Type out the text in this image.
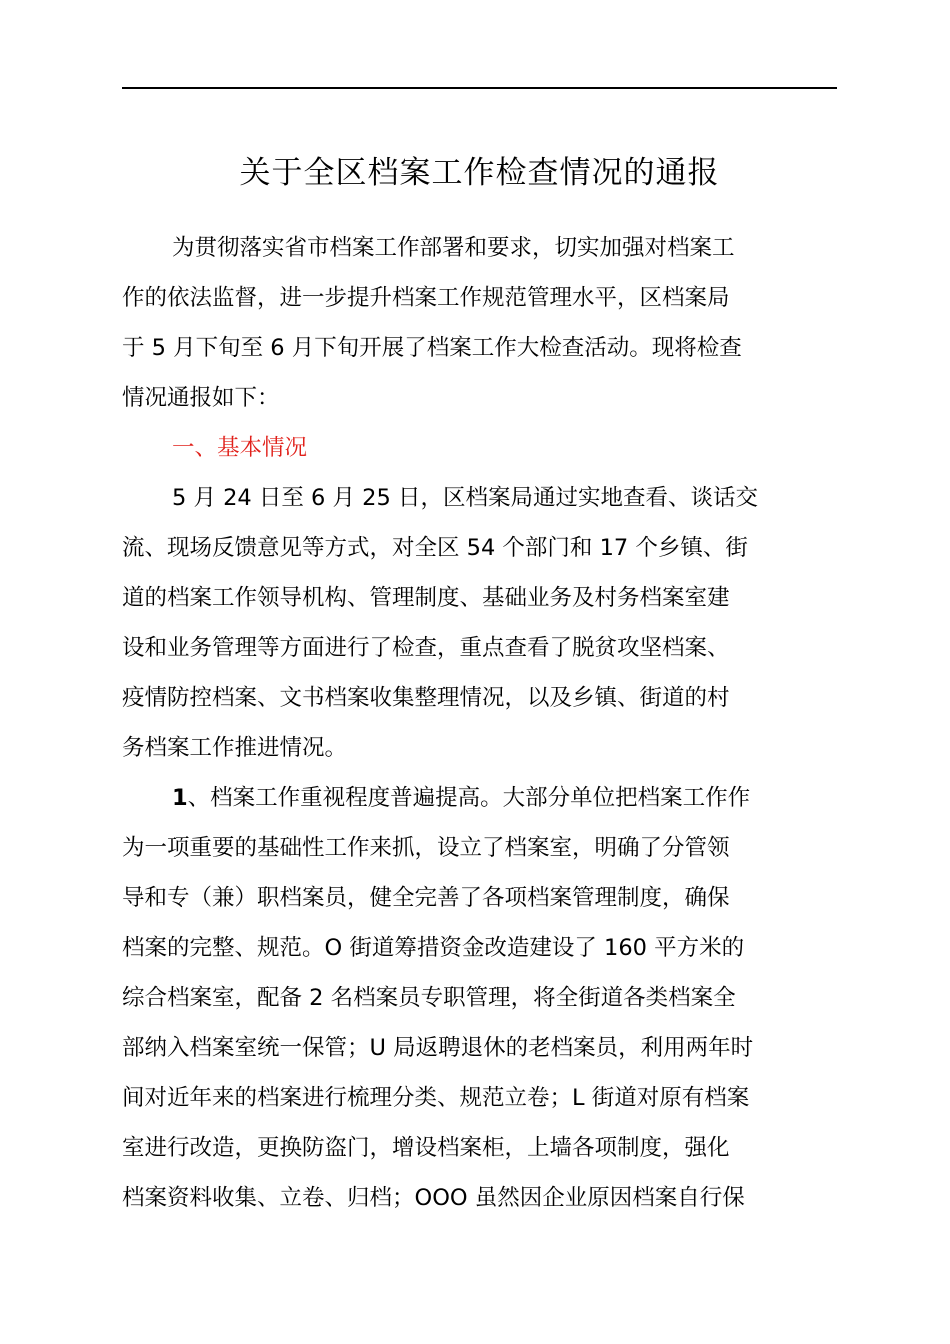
关于全区档案工作检查情况的通报
为贯彻落实省市档案工作部署和要求，切实加强对档案工
作的依法监督，进一步提升档案工作规范管理水平，区档案局
于 5 月下旬至 6 月下旬开展了档案工作大检查活动。现将检查
情况通报如下：
一、基本情况
5 月 24 日至 6 月 25 日，区档案局通过实地查看、谈话交
流、现场反馈意见等方式，对全区 54 个部门和 17 个乡镇、街
道的档案工作领导机构、管理制度、基础业务及村务档案室建
设和业务管理等方面进行了检查，重点查看了脱贫攻坚档案、
疫情防控档案、文书档案收集整理情况，以及乡镇、街道的村
务档案工作推进情况。
1、档案工作重视程度普遍提高。大部分单位把档案工作作
为一项重要的基础性工作来抓，设立了档案室，明确了分管领
导和专（兼）职档案员，健全完善了各项档案管理制度，确保
档案的完整、规范。O 街道筹措资金改造建设了 160 平方米的
综合档案室，配备 2 名档案员专职管理，将全街道各类档案全
部纳入档案室统一保管；U 局返聘退休的老档案员，利用两年时
间对近年来的档案进行梳理分类、规范立卷；L 街道对原有档案
室进行改造，更换防盗门，增设档案柜，上墙各项制度，强化
档案资料收集、立卷、归档；OOO 虽然因企业原因档案自行保
